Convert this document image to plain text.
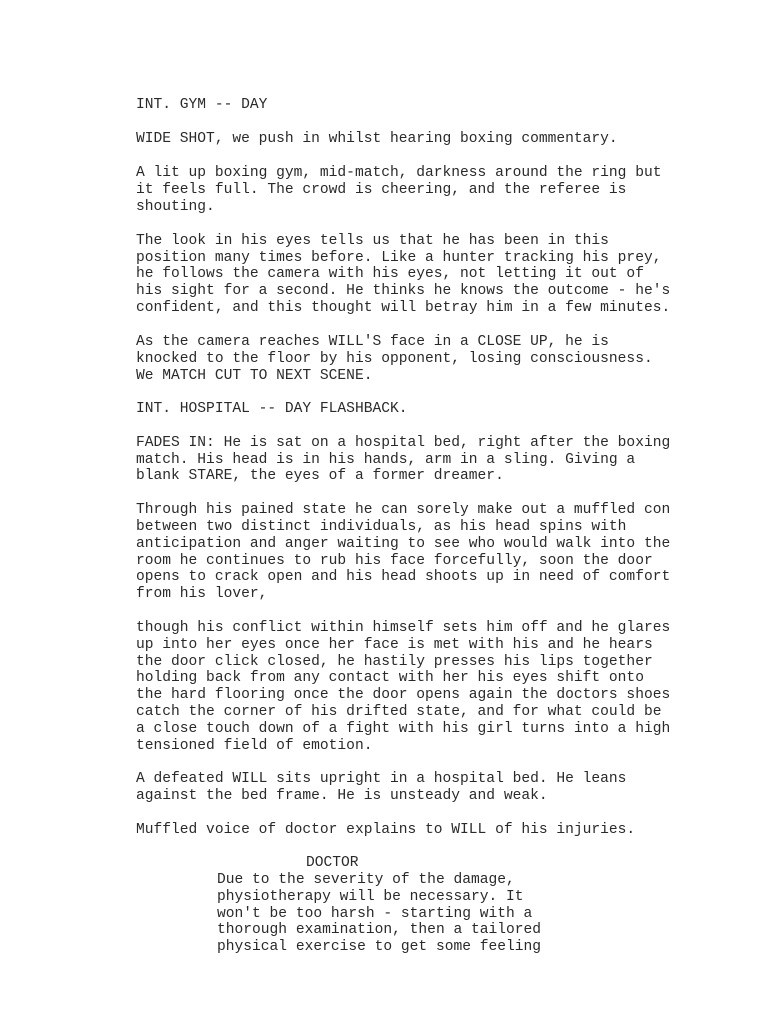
INT. GYM -- DAY
WIDE SHOT, we push in whilst hearing boxing commentary.
A lit up boxing gym, mid-match, darkness around the ring but
it feels full. The crowd is cheering, and the referee is
shouting.
The look in his eyes tells us that he has been in this
position many times before. Like a hunter tracking his prey,
he follows the camera with his eyes, not letting it out of
his sight for a second. He thinks he knows the outcome - he's
confident, and this thought will betray him in a few minutes.
As the camera reaches WILL'S face in a CLOSE UP, he is
knocked to the floor by his opponent, losing consciousness.
We MATCH CUT TO NEXT SCENE.
INT. HOSPITAL -- DAY FLASHBACK.
FADES IN: He is sat on a hospital bed, right after the boxing
match. His head is in his hands, arm in a sling. Giving a
blank STARE, the eyes of a former dreamer.
Through his pained state he can sorely make out a muffled con
between two distinct individuals, as his head spins with
anticipation and anger waiting to see who would walk into the
room he continues to rub his face forcefully, soon the door
opens to crack open and his head shoots up in need of comfort
from his lover,
though his conflict within himself sets him off and he glares
up into her eyes once her face is met with his and he hears
the door click closed, he hastily presses his lips together
holding back from any contact with her his eyes shift onto
the hard flooring once the door opens again the doctors shoes
catch the corner of his drifted state, and for what could be
a close touch down of a fight with his girl turns into a high
tensioned field of emotion.
A defeated WILL sits upright in a hospital bed. He leans
against the bed frame. He is unsteady and weak.
Muffled voice of doctor explains to WILL of his injuries.
DOCTOR
Due to the severity of the damage,
physiotherapy will be necessary. It
won't be too harsh - starting with a
thorough examination, then a tailored
physical exercise to get some feeling
